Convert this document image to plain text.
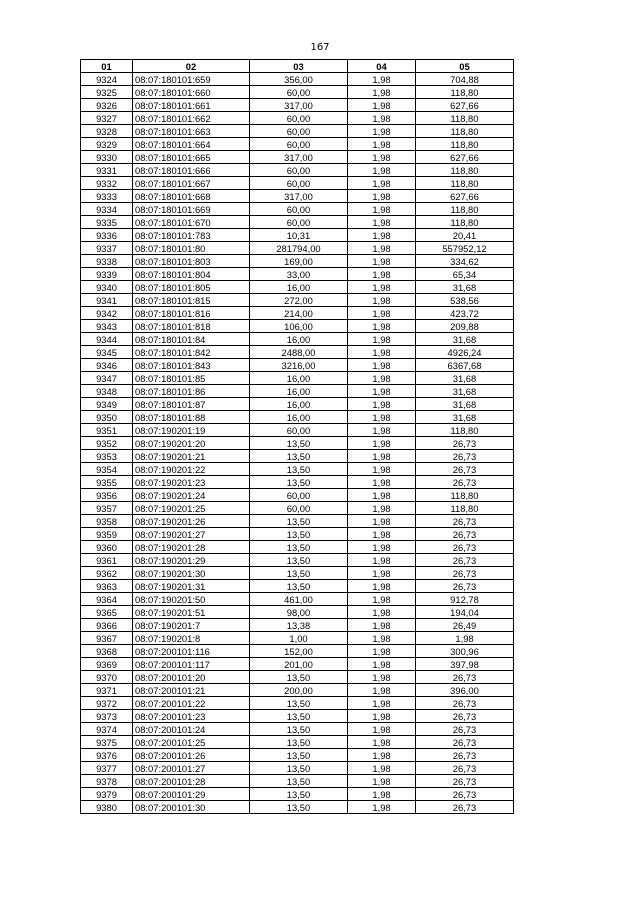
167
01	02	03	04	05
9324	08:07:180101:659	356,00	1,98	704,88
9325	08:07:180101:660	60,00	1,98	118,80
9326	08:07:180101:661	317,00	1,98	627,66
9327	08:07:180101:662	60,00	1,98	118,80
9328	08:07:180101:663	60,00	1,98	118,80
9329	08:07:180101:664	60,00	1,98	118,80
9330	08:07:180101:665	317,00	1,98	627,66
9331	08:07:180101:666	60,00	1,98	118,80
9332	08:07:180101:667	60,00	1,98	118,80
9333	08:07:180101:668	317,00	1,98	627,66
9334	08:07:180101:669	60,00	1,98	118,80
9335	08:07:180101:670	60,00	1,98	118,80
9336	08:07:180101:783	10,31	1,98	20,41
9337	08:07:180101:80	281794,00	1,98	557952,12
9338	08:07:180101:803	169,00	1,98	334,62
9339	08:07:180101:804	33,00	1,98	65,34
9340	08:07:180101:805	16,00	1,98	31,68
9341	08:07:180101:815	272,00	1,98	538,56
9342	08:07:180101:816	214,00	1,98	423,72
9343	08:07:180101:818	106,00	1,98	209,88
9344	08:07:180101:84	16,00	1,98	31,68
9345	08:07:180101:842	2488,00	1,98	4926,24
9346	08:07:180101:843	3216,00	1,98	6367,68
9347	08:07:180101:85	16,00	1,98	31,68
9348	08:07:180101:86	16,00	1,98	31,68
9349	08:07:180101:87	16,00	1,98	31,68
9350	08:07:180101:88	16,00	1,98	31,68
9351	08:07:190201:19	60,00	1,98	118,80
9352	08:07:190201:20	13,50	1,98	26,73
9353	08:07:190201:21	13,50	1,98	26,73
9354	08:07:190201:22	13,50	1,98	26,73
9355	08:07:190201:23	13,50	1,98	26,73
9356	08:07:190201:24	60,00	1,98	118,80
9357	08:07:190201:25	60,00	1,98	118,80
9358	08:07:190201:26	13,50	1,98	26,73
9359	08:07:190201:27	13,50	1,98	26,73
9360	08:07:190201:28	13,50	1,98	26,73
9361	08:07:190201:29	13,50	1,98	26,73
9362	08:07:190201:30	13,50	1,98	26,73
9363	08:07:190201:31	13,50	1,98	26,73
9364	08:07:190201:50	461,00	1,98	912,78
9365	08:07:190201:51	98,00	1,98	194,04
9366	08:07:190201:7	13,38	1,98	26,49
9367	08:07:190201:8	1,00	1,98	1,98
9368	08:07:200101:116	152,00	1,98	300,96
9369	08:07:200101:117	201,00	1,98	397,98
9370	08:07:200101:20	13,50	1,98	26,73
9371	08:07:200101:21	200,00	1,98	396,00
9372	08:07:200101:22	13,50	1,98	26,73
9373	08:07:200101:23	13,50	1,98	26,73
9374	08:07:200101:24	13,50	1,98	26,73
9375	08:07:200101:25	13,50	1,98	26,73
9376	08:07:200101:26	13,50	1,98	26,73
9377	08:07:200101:27	13,50	1,98	26,73
9378	08:07:200101:28	13,50	1,98	26,73
9379	08:07:200101:29	13,50	1,98	26,73
9380	08:07:200101:30	13,50	1,98	26,73
